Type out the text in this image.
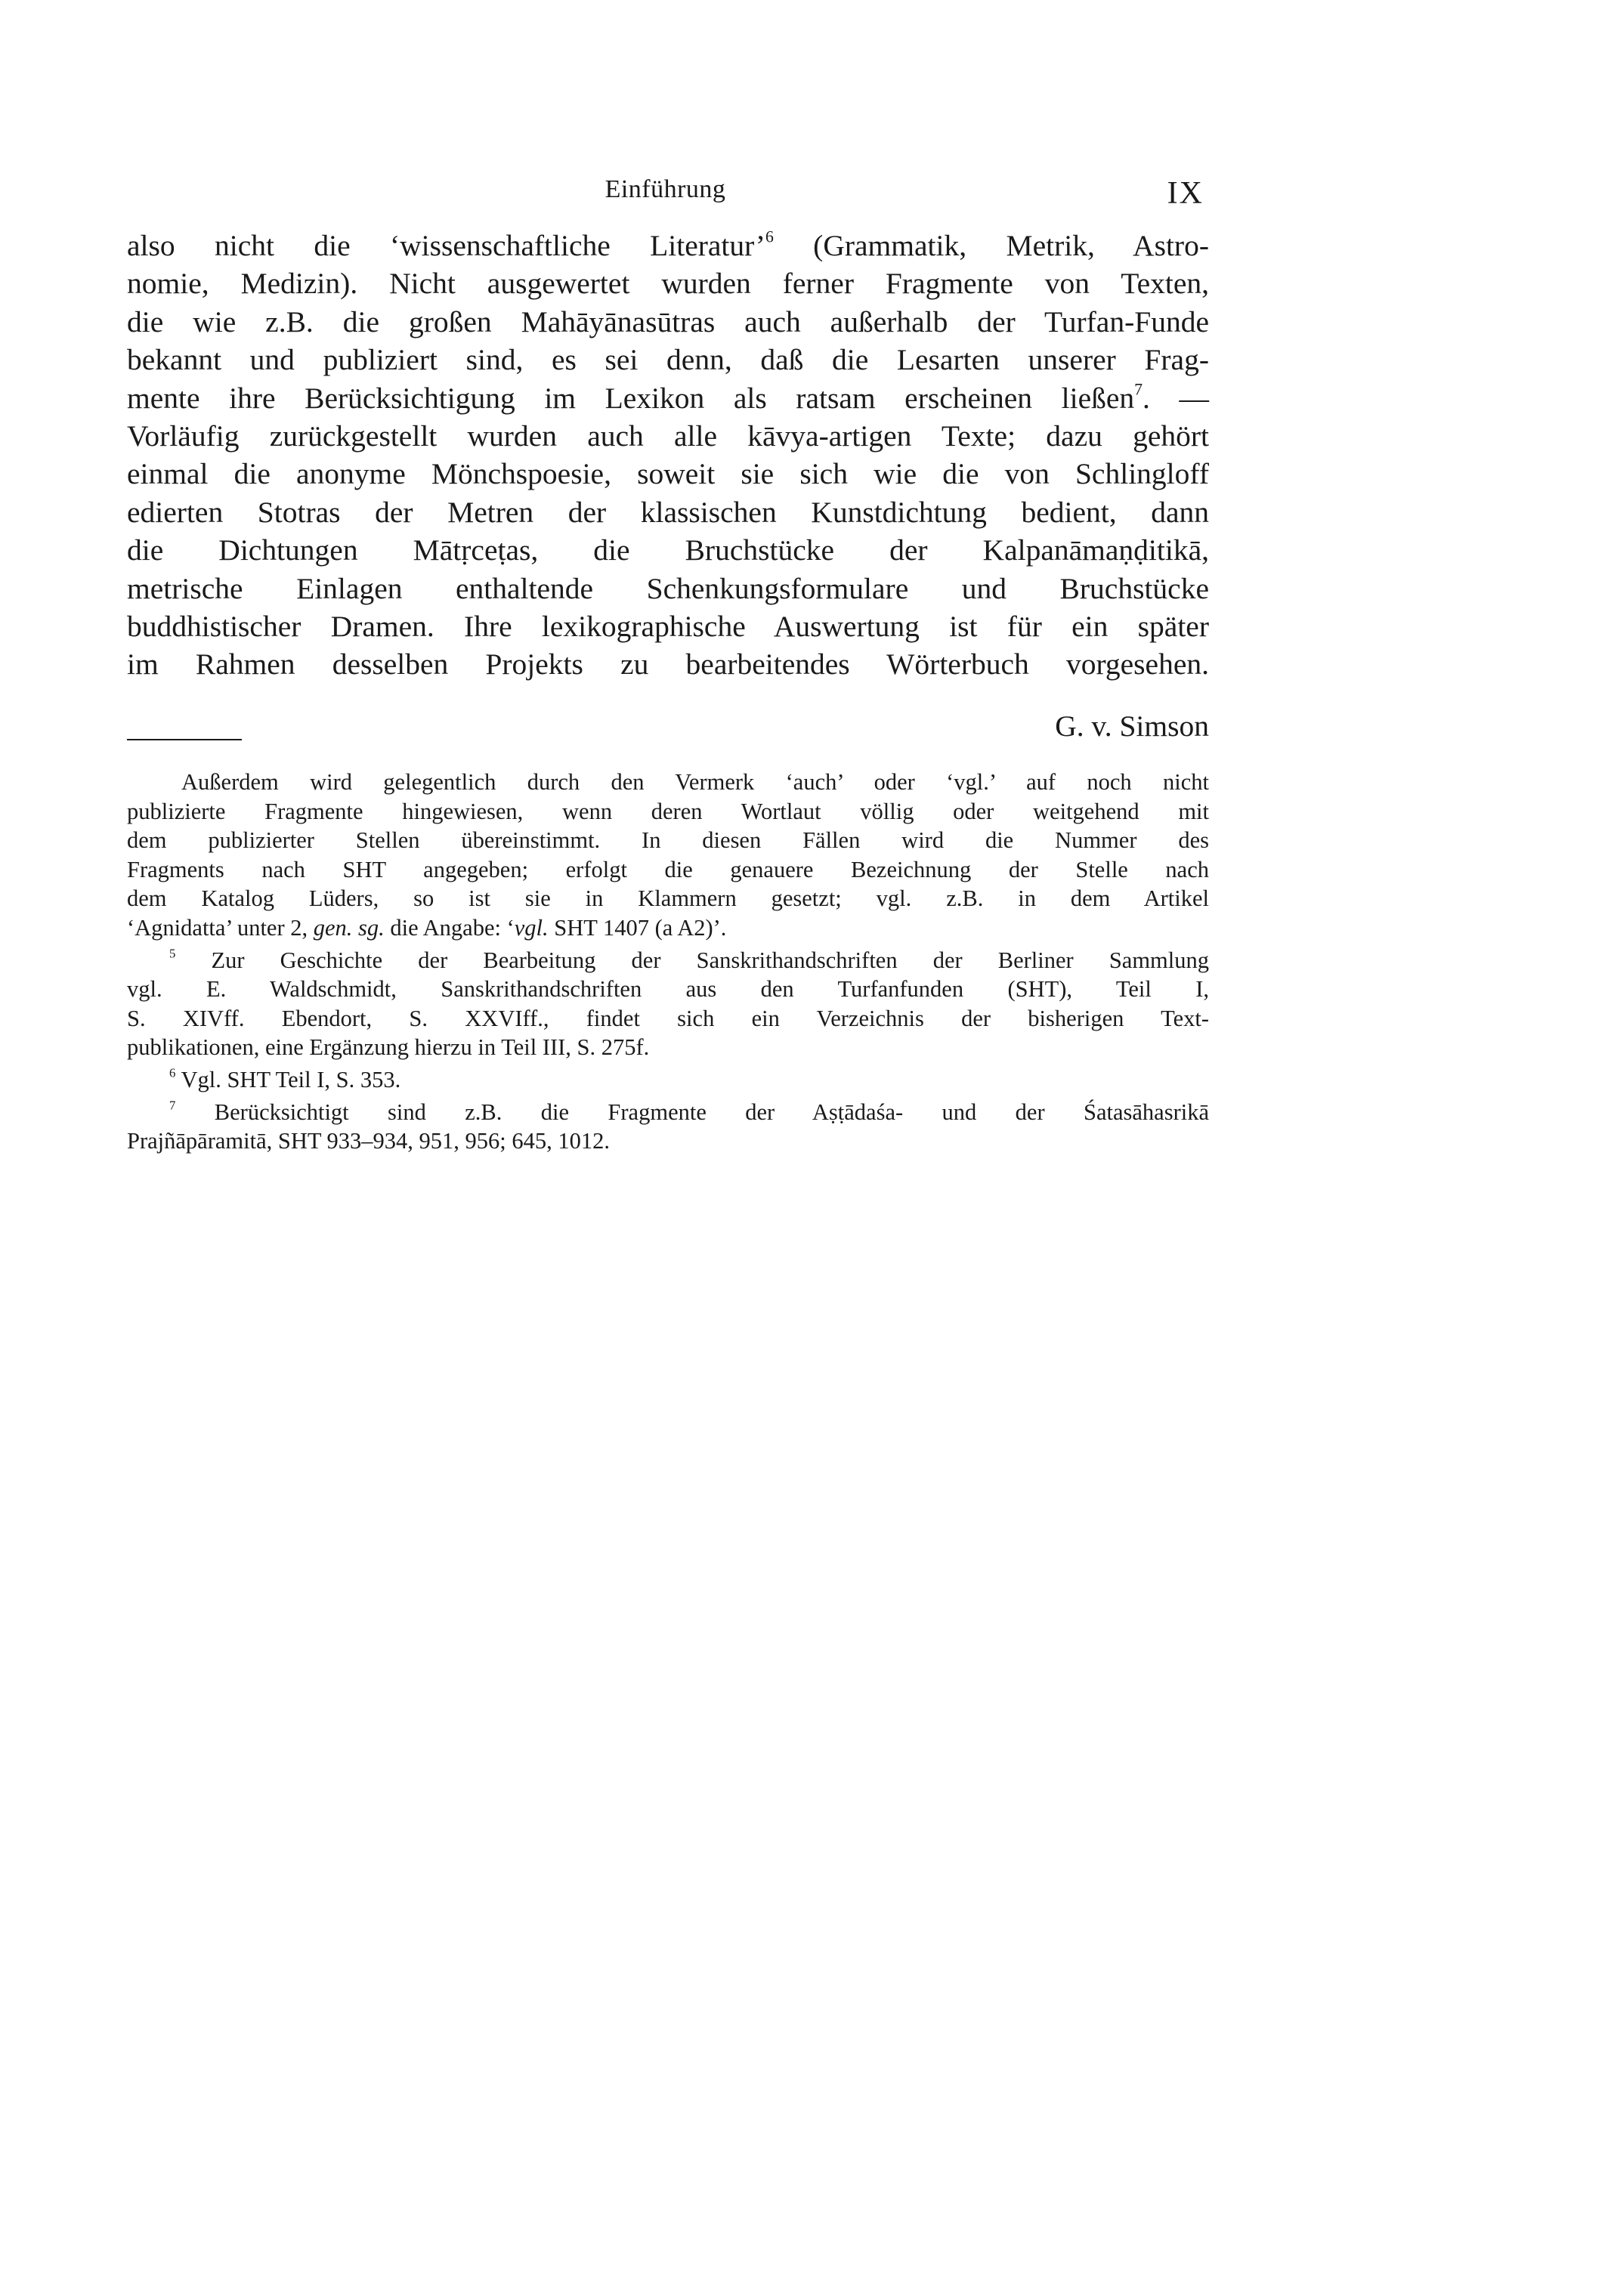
Einführung	IX
also nicht die ‘wissenschaftliche Literatur’$^6$ (Grammatik, Metrik, Astro-
nomie, Medizin). Nicht ausgewertet wurden ferner Fragmente von Texten,
die wie z.B. die großen Mahāyānasūtras auch außerhalb der Turfan-Funde
bekannt und publiziert sind, es sei denn, daß die Lesarten unserer Frag-
mente ihre Berücksichtigung im Lexikon als ratsam erscheinen ließen$^7$. —
Vorläufig zurückgestellt wurden auch alle kāvya-artigen Texte; dazu gehört
einmal die anonyme Mönchspoesie, soweit sie sich wie die von Schlingloff
edierten Stotras der Metren der klassischen Kunstdichtung bedient, dann
die Dichtungen Mātṛceṭas, die Bruchstücke der Kalpanāmaṇḍitikā,
metrische Einlagen enthaltende Schenkungsformulare und Bruchstücke
buddhistischer Dramen. Ihre lexikographische Auswertung ist für ein später
im Rahmen desselben Projekts zu bearbeitendes Wörterbuch vorgesehen.
G. v. Simson
Außerdem wird gelegentlich durch den Vermerk ‘auch’ oder ‘vgl.’ auf noch nicht
publizierte Fragmente hingewiesen, wenn deren Wortlaut völlig oder weitgehend mit
dem publizierter Stellen übereinstimmt. In diesen Fällen wird die Nummer des
Fragments nach SHT angegeben; erfolgt die genauere Bezeichnung der Stelle nach
dem Katalog Lüders, so ist sie in Klammern gesetzt; vgl. z.B. in dem Artikel
‘Agnidatta’ unter 2, gen. sg. die Angabe: ‘vgl. SHT 1407 (a A2)’.
$^5$ Zur Geschichte der Bearbeitung der Sanskrithandschriften der Berliner Sammlung
vgl. E. Waldschmidt, Sanskrithandschriften aus den Turfanfunden (SHT), Teil I,
S. XIVff. Ebendort, S. XXVIff., findet sich ein Verzeichnis der bisherigen Text-
publikationen, eine Ergänzung hierzu in Teil III, S. 275f.
$^6$ Vgl. SHT Teil I, S. 353.
$^7$ Berücksichtigt sind z.B. die Fragmente der Aṣṭādaśa- und der Śatasāhasrikā
Prajñāpāramitā, SHT 933–934, 951, 956; 645, 1012.
